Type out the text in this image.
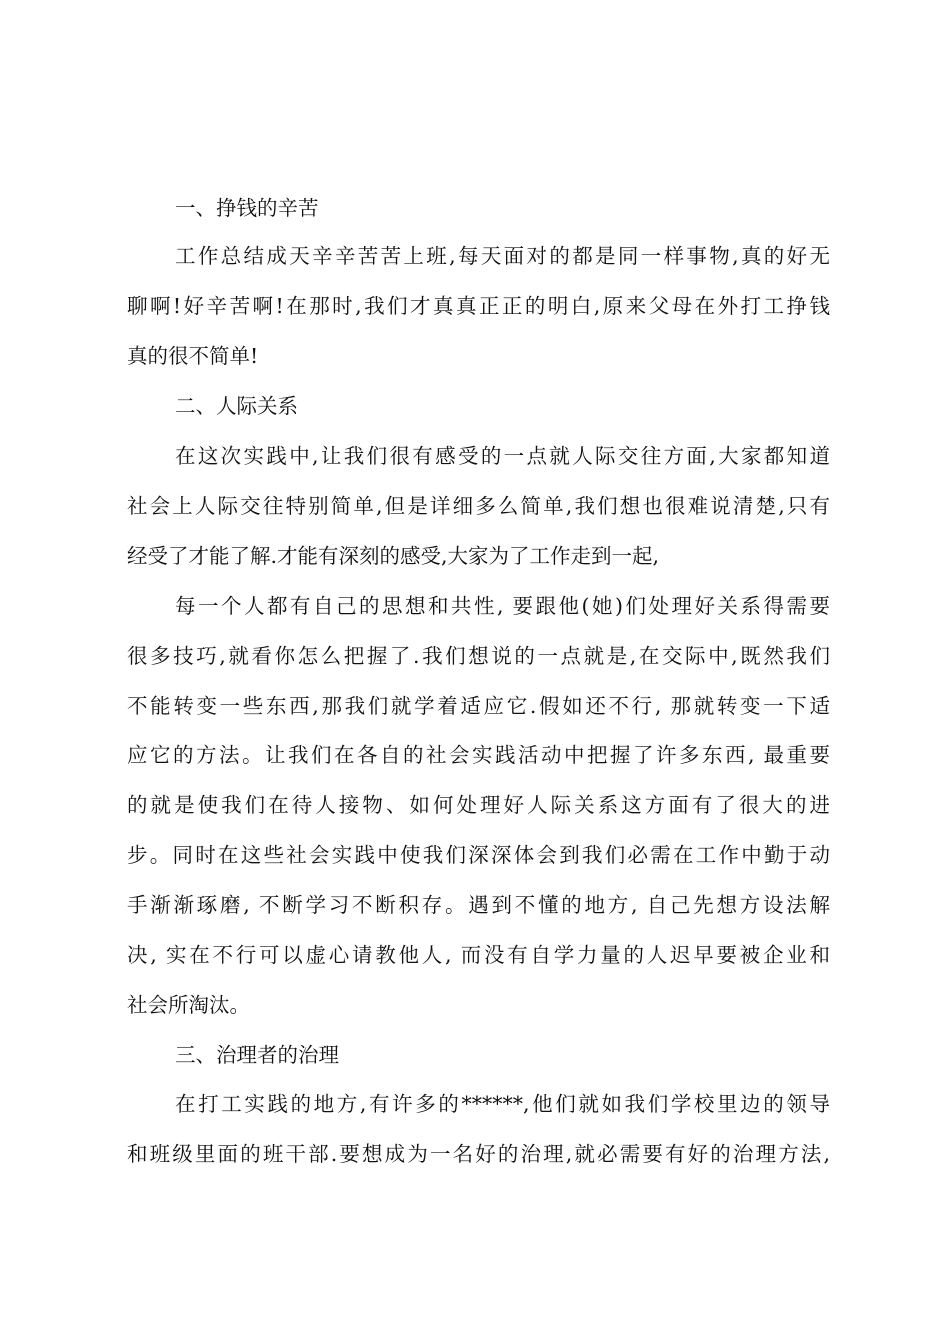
一、挣钱的辛苦
工作总结成天辛辛苦苦上班,每天面对的都是同一样事物,真的好无
聊啊!好辛苦啊!在那时,我们才真真正正的明白,原来父母在外打工挣钱
真的很不简单!
二、人际关系
在这次实践中,让我们很有感受的一点就人际交往方面,大家都知道
社会上人际交往特别简单,但是详细多么简单,我们想也很难说清楚,只有
经受了才能了解.才能有深刻的感受,大家为了工作走到一起,
每一个人都有自己的思想和共性, 要跟他(她)们处理好关系得需要
很多技巧,就看你怎么把握了.我们想说的一点就是,在交际中,既然我们
不能转变一些东西,那我们就学着适应它.假如还不行, 那就转变一下适
应它的方法。让我们在各自的社会实践活动中把握了许多东西, 最重要
的就是使我们在待人接物、如何处理好人际关系这方面有了很大的进
步。同时在这些社会实践中使我们深深体会到我们必需在工作中勤于动
手渐渐琢磨, 不断学习不断积存。遇到不懂的地方, 自己先想方设法解
决, 实在不行可以虚心请教他人, 而没有自学力量的人迟早要被企业和
社会所淘汰。
三、治理者的治理
在打工实践的地方,有许多的******,他们就如我们学校里边的领导
和班级里面的班干部.要想成为一名好的治理,就必需要有好的治理方法,
